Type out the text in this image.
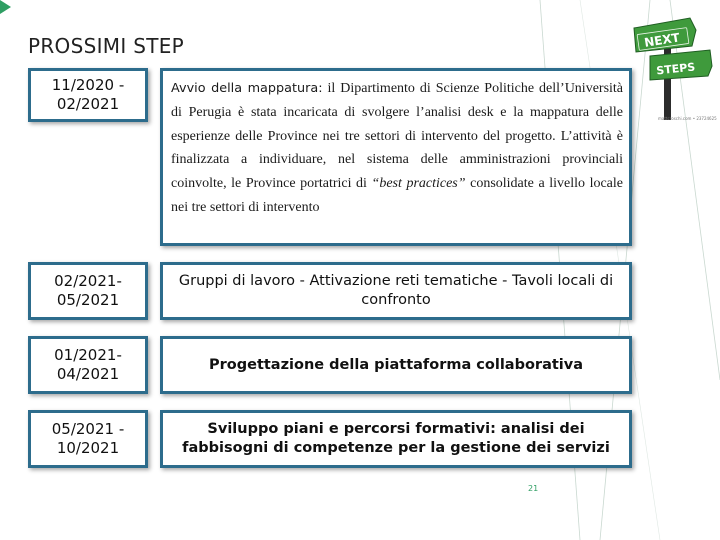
PROSSIMI STEP	NEXT
STEPS
mattcroschi.com • 23724625
11/2020 -
02/2021
Avvio della mappatura: il Dipartimento di Scienze Politiche dell’Università di Perugia è stata incaricata di svolgere l’analisi desk e la mappatura delle esperienze delle Province nei tre settori di intervento del progetto. L’attività è finalizzata a individuare, nel sistema delle amministrazioni provinciali coinvolte, le Province portatrici di “best practices” consolidate a livello locale nei tre settori di intervento
02/2021-
05/2021
Gruppi di lavoro - Attivazione reti tematiche - Tavoli locali di confronto
01/2021-
04/2021
Progettazione della piattaforma collaborativa
05/2021 -
10/2021
Sviluppo piani e percorsi formativi: analisi dei fabbisogni di competenze per la gestione dei servizi
21
